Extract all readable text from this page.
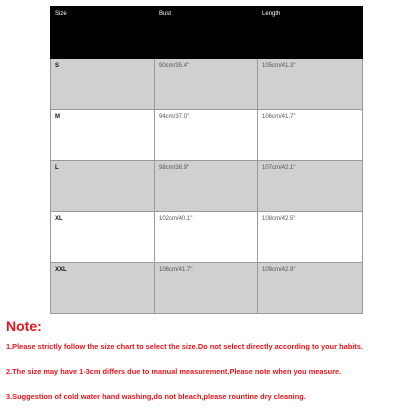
Size	Bust	Length
S	90cm/35.4"	105cm/41.3"
M	94cm/37.0"	106cm/41.7"
L	98cm/38.9"	107cm/42.1"
XL	102cm/40.1"	108cm/42.5"
XXL	106cm/41.7"	109cm/42.9"
Note:
1.Please strictly follow the size chart to select the size.Do not select directly according to your habits.
2.The size may have 1-3cm differs due to manual measurement.Please note when you measure.
3.Suggestion of cold water hand washing,do not bleach,please rountine dry cleaning.
